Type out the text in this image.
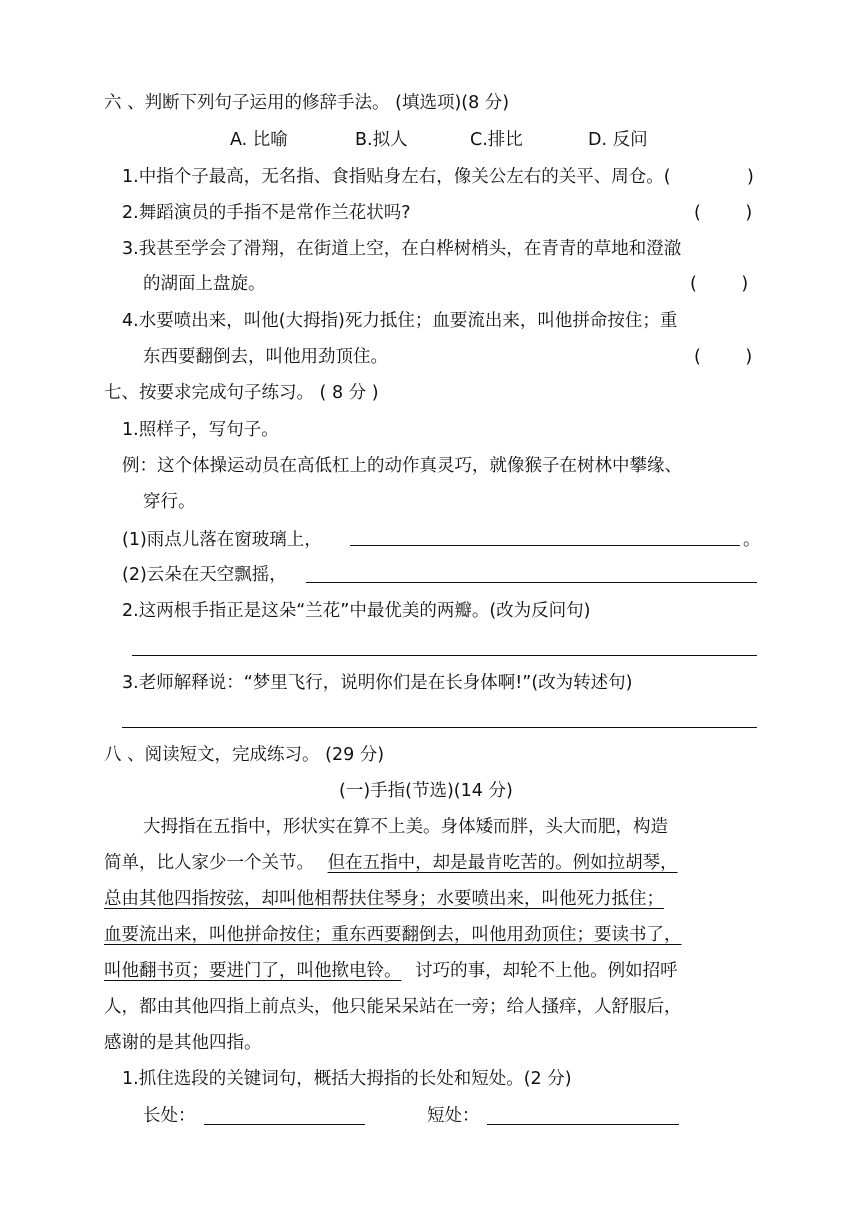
六 、判断下列句子运用的修辞手法。 (填选项)(8 分)
A. 比喻	B.拟人	C.排比	D. 反问
1.中指个子最高，无名指、食指贴身左右，像关公左右的关平、周仓。(	)
2.舞蹈演员的手指不是常作兰花状吗?	(        )
3.我甚至学会了滑翔，在街道上空，在白桦树梢头，在青青的草地和澄澈
的湖面上盘旋。	(        )
4.水要喷出来，叫他(大拇指)死力抵住；血要流出来，叫他拼命按住；重
东西要翻倒去，叫他用劲顶住。	(        )
七、按要求完成句子练习。 ( 8 分 )
1.照样子，写句子。
例：这个体操运动员在高低杠上的动作真灵巧，就像猴子在树林中攀缘、
穿行。
(1)雨点儿落在窗玻璃上，	。
(2)云朵在天空飘摇，
2.这两根手指正是这朵“兰花”中最优美的两瓣。(改为反问句)
3.老师解释说：“梦里飞行，说明你们是在长身体啊!”(改为转述句)
八 、阅读短文，完成练习。 (29 分)
(一)手指(节选)(14 分)
大拇指在五指中，形状实在算不上美。身体矮而胖，头大而肥，构造
简单，比人家少一个关节。 但在五指中，却是最肯吃苦的。例如拉胡琴，
总由其他四指按弦，却叫他相帮扶住琴身；水要喷出来，叫他死力抵住；
血要流出来，叫他拼命按住；重东西要翻倒去，叫他用劲顶住；要读书了，
叫他翻书页；要进门了，叫他揿电铃。 讨巧的事，却轮不上他。例如招呼
人，都由其他四指上前点头，他只能呆呆站在一旁；给人搔痒，人舒服后，
感谢的是其他四指。
1.抓住选段的关键词句，概括大拇指的长处和短处。(2 分)
长处：	短处：
